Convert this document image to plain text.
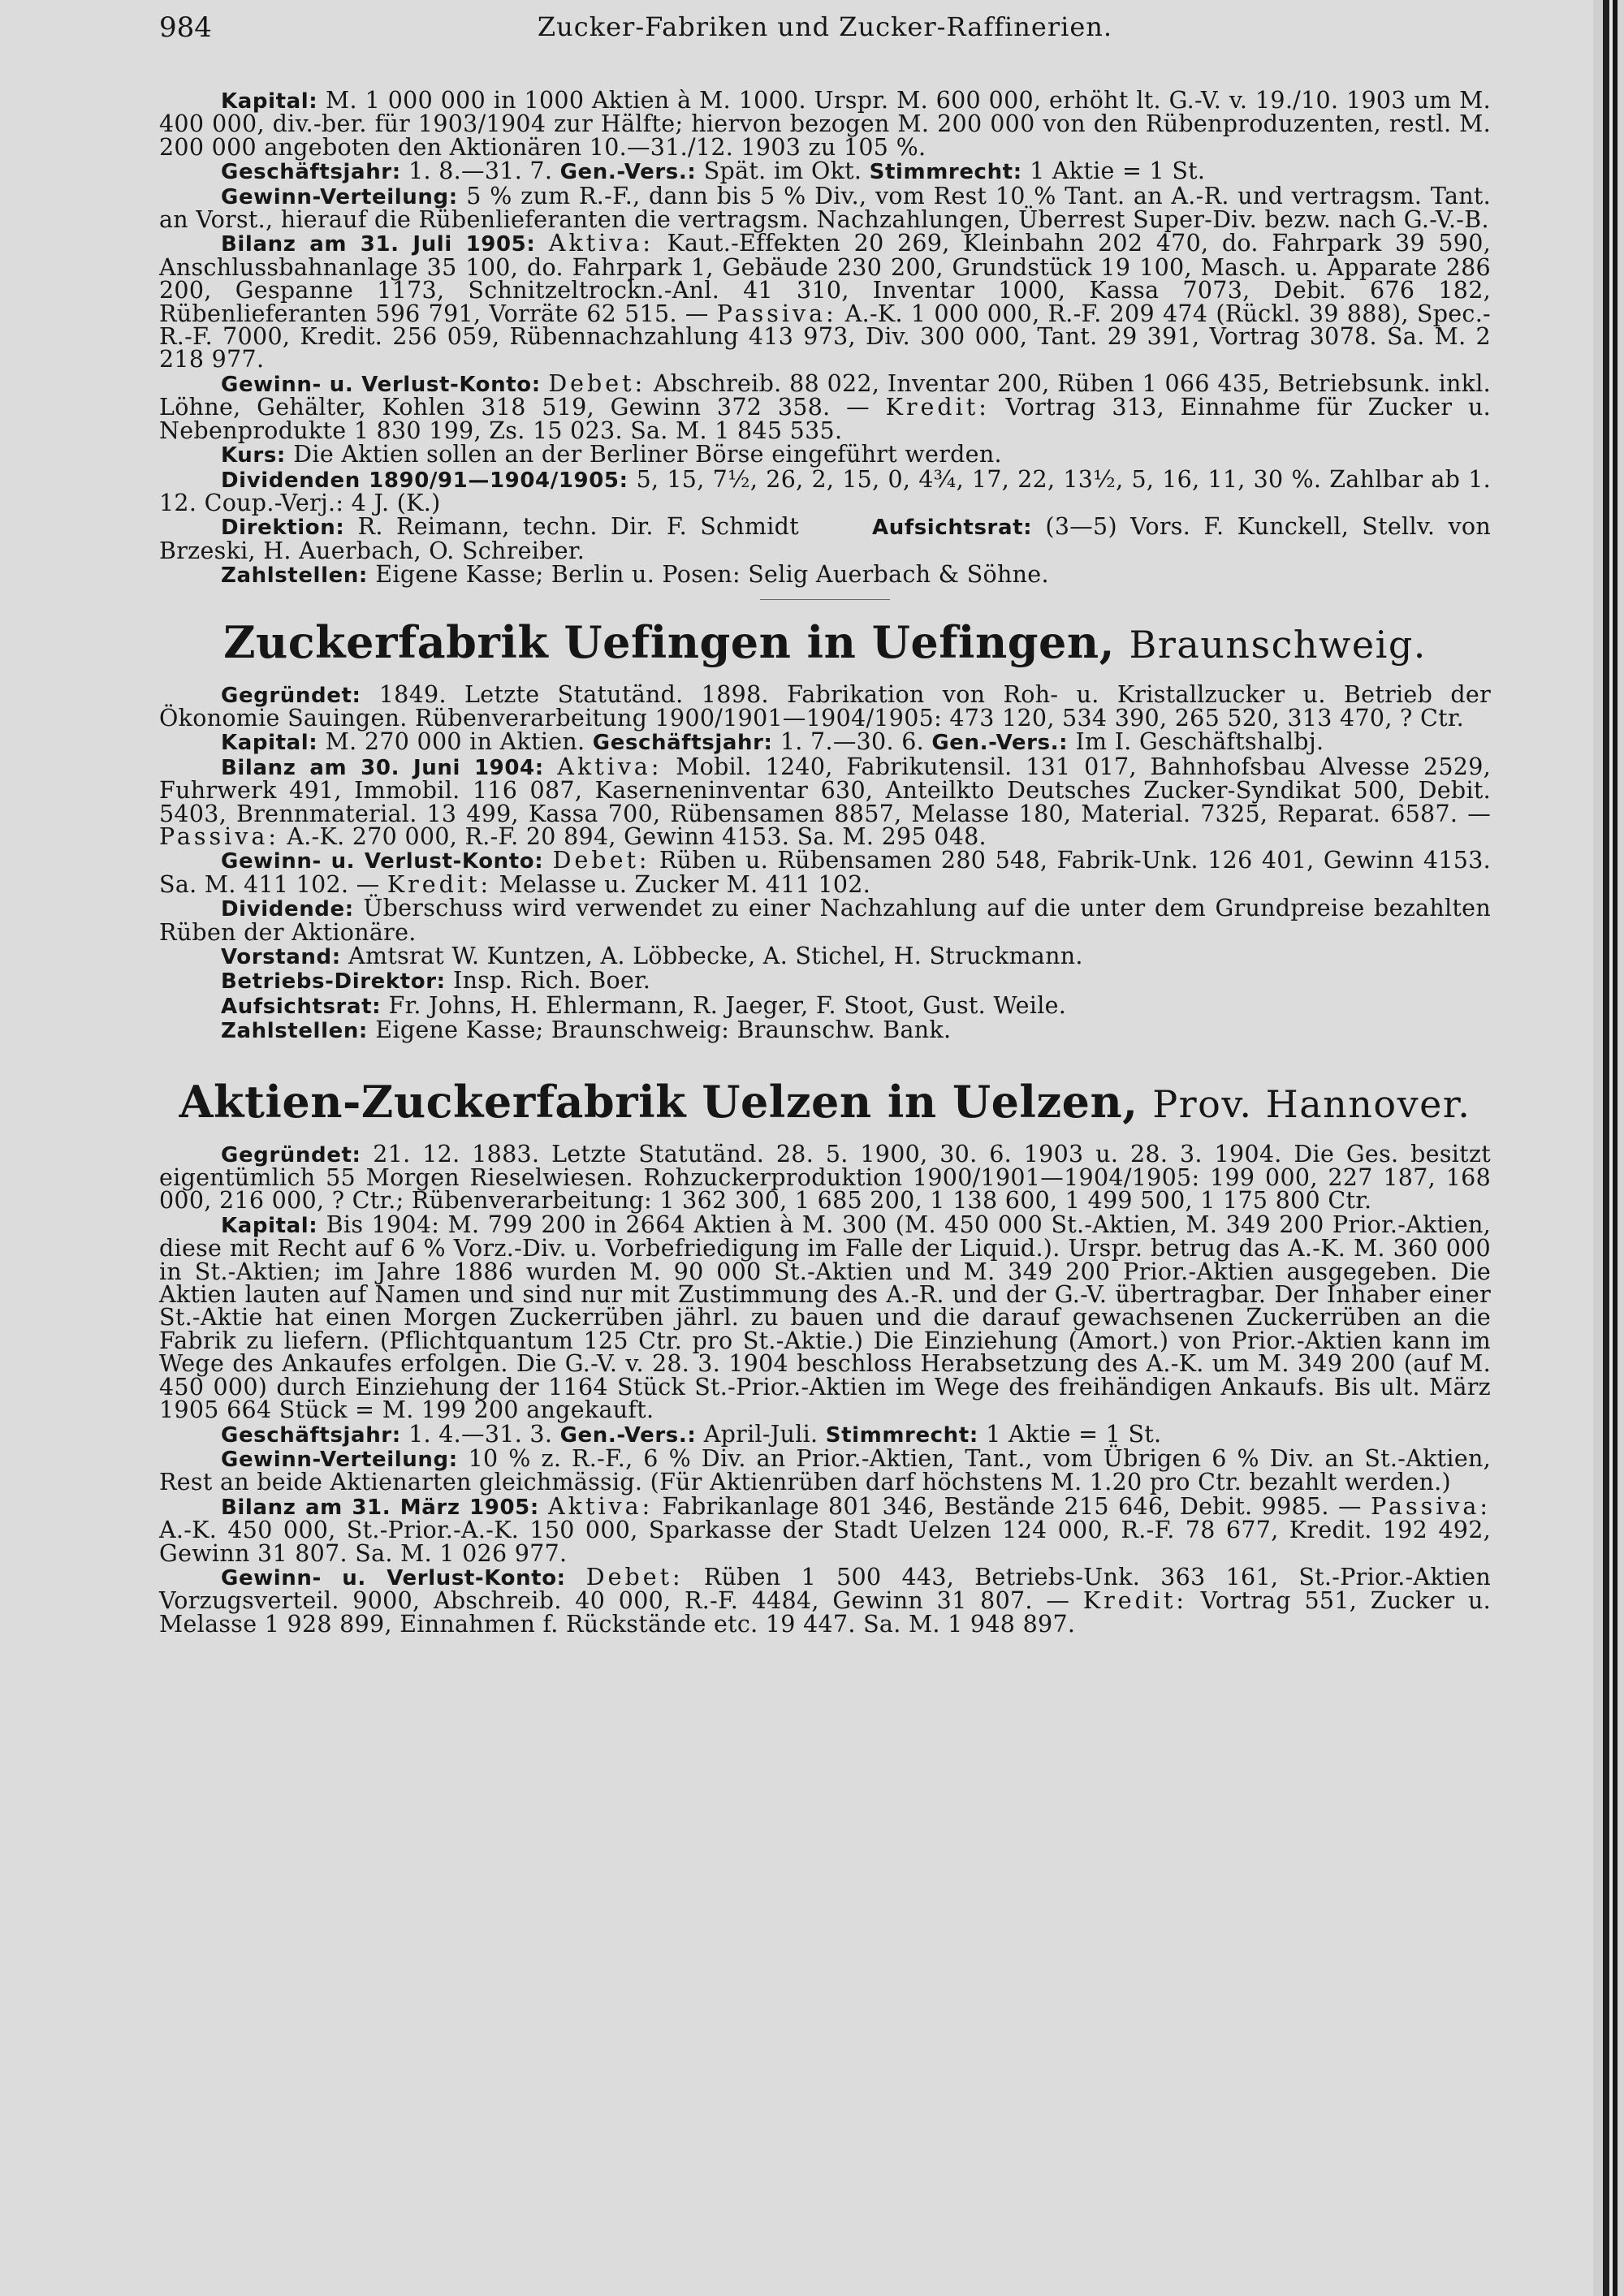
984	Zucker-Fabriken und Zucker-Raffinerien.

Kapital: M. 1 000 000 in 1000 Aktien à M. 1000. Urspr. M. 600 000, erhöht lt. G.-V. v. 19./10. 1903 um M. 400 000, div.-ber. für 1903/1904 zur Hälfte; hiervon bezogen M. 200 000 von den Rübenproduzenten, restl. M. 200 000 angeboten den Aktionären 10.—31./12. 1903 zu 105 %.

Geschäftsjahr: 1. 8.—31. 7. Gen.-Vers.: Spät. im Okt. Stimmrecht: 1 Aktie = 1 St.

Gewinn-Verteilung: 5 % zum R.-F., dann bis 5 % Div., vom Rest 10 % Tant. an A.-R. und vertragsm. Tant. an Vorst., hierauf die Rübenlieferanten die vertragsm. Nachzahlungen, Überrest Super-Div. bezw. nach G.-V.-B.

Bilanz am 31. Juli 1905: Aktiva: Kaut.-Effekten 20 269, Kleinbahn 202 470, do. Fahrpark 39 590, Anschlussbahnanlage 35 100, do. Fahrpark 1, Gebäude 230 200, Grundstück 19 100, Masch. u. Apparate 286 200, Gespanne 1173, Schnitzeltrockn.-Anl. 41 310, Inventar 1000, Kassa 7073, Debit. 676 182, Rübenlieferanten 596 791, Vorräte 62 515. — Passiva: A.-K. 1 000 000, R.-F. 209 474 (Rückl. 39 888), Spec.-R.-F. 7000, Kredit. 256 059, Rübennachzahlung 413 973, Div. 300 000, Tant. 29 391, Vortrag 3078. Sa. M. 2 218 977.

Gewinn- u. Verlust-Konto: Debet: Abschreib. 88 022, Inventar 200, Rüben 1 066 435, Betriebsunk. inkl. Löhne, Gehälter, Kohlen 318 519, Gewinn 372 358. — Kredit: Vortrag 313, Einnahme für Zucker u. Nebenprodukte 1 830 199, Zs. 15 023. Sa. M. 1 845 535.

Kurs: Die Aktien sollen an der Berliner Börse eingeführt werden.

Dividenden 1890/91—1904/1905: 5, 15, 7½, 26, 2, 15, 0, 4¾, 17, 22, 13½, 5, 16, 11, 30 %. Zahlbar ab 1. 12. Coup.-Verj.: 4 J. (K.)

Direktion: R. Reimann, techn. Dir. F. Schmidt	Aufsichtsrat: (3—5) Vors. F. Kunckell, Stellv. von Brzeski, H. Auerbach, O. Schreiber.

Zahlstellen: Eigene Kasse; Berlin u. Posen: Selig Auerbach & Söhne.

Zuckerfabrik Uefingen in Uefingen, Braunschweig.

Gegründet: 1849. Letzte Statutänd. 1898. Fabrikation von Roh- u. Kristallzucker u. Betrieb der Ökonomie Sauingen. Rübenverarbeitung 1900/1901—1904/1905: 473 120, 534 390, 265 520, 313 470, ? Ctr.

Kapital: M. 270 000 in Aktien. Geschäftsjahr: 1. 7.—30. 6. Gen.-Vers.: Im I. Geschäftshalbj.

Bilanz am 30. Juni 1904: Aktiva: Mobil. 1240, Fabrikutensil. 131 017, Bahnhofsbau Alvesse 2529, Fuhrwerk 491, Immobil. 116 087, Kaserneninventar 630, Anteilkto Deutsches Zucker-Syndikat 500, Debit. 5403, Brennmaterial. 13 499, Kassa 700, Rübensamen 8857, Melasse 180, Material. 7325, Reparat. 6587. — Passiva: A.-K. 270 000, R.-F. 20 894, Gewinn 4153. Sa. M. 295 048.

Gewinn- u. Verlust-Konto: Debet: Rüben u. Rübensamen 280 548, Fabrik-Unk. 126 401, Gewinn 4153. Sa. M. 411 102. — Kredit: Melasse u. Zucker M. 411 102.

Dividende: Überschuss wird verwendet zu einer Nachzahlung auf die unter dem Grundpreise bezahlten Rüben der Aktionäre.

Vorstand: Amtsrat W. Kuntzen, A. Löbbecke, A. Stichel, H. Struckmann.

Betriebs-Direktor: Insp. Rich. Boer.

Aufsichtsrat: Fr. Johns, H. Ehlermann, R. Jaeger, F. Stoot, Gust. Weile.

Zahlstellen: Eigene Kasse; Braunschweig: Braunschw. Bank.

Aktien-Zuckerfabrik Uelzen in Uelzen, Prov. Hannover.

Gegründet: 21. 12. 1883. Letzte Statutänd. 28. 5. 1900, 30. 6. 1903 u. 28. 3. 1904. Die Ges. besitzt eigentümlich 55 Morgen Rieselwiesen. Rohzuckerproduktion 1900/1901—1904/1905: 199 000, 227 187, 168 000, 216 000, ? Ctr.; Rübenverarbeitung: 1 362 300, 1 685 200, 1 138 600, 1 499 500, 1 175 800 Ctr.

Kapital: Bis 1904: M. 799 200 in 2664 Aktien à M. 300 (M. 450 000 St.-Aktien, M. 349 200 Prior.-Aktien, diese mit Recht auf 6 % Vorz.-Div. u. Vorbefriedigung im Falle der Liquid.). Urspr. betrug das A.-K. M. 360 000 in St.-Aktien; im Jahre 1886 wurden M. 90 000 St.-Aktien und M. 349 200 Prior.-Aktien ausgegeben. Die Aktien lauten auf Namen und sind nur mit Zustimmung des A.-R. und der G.-V. übertragbar. Der Inhaber einer St.-Aktie hat einen Morgen Zuckerrüben jährl. zu bauen und die darauf gewachsenen Zuckerrüben an die Fabrik zu liefern. (Pflichtquantum 125 Ctr. pro St.-Aktie.) Die Einziehung (Amort.) von Prior.-Aktien kann im Wege des Ankaufes erfolgen. Die G.-V. v. 28. 3. 1904 beschloss Herabsetzung des A.-K. um M. 349 200 (auf M. 450 000) durch Einziehung der 1164 Stück St.-Prior.-Aktien im Wege des freihändigen Ankaufs. Bis ult. März 1905 664 Stück = M. 199 200 angekauft.

Geschäftsjahr: 1. 4.—31. 3. Gen.-Vers.: April-Juli. Stimmrecht: 1 Aktie = 1 St.

Gewinn-Verteilung: 10 % z. R.-F., 6 % Div. an Prior.-Aktien, Tant., vom Übrigen 6 % Div. an St.-Aktien, Rest an beide Aktienarten gleichmässig. (Für Aktienrüben darf höchstens M. 1.20 pro Ctr. bezahlt werden.)

Bilanz am 31. März 1905: Aktiva: Fabrikanlage 801 346, Bestände 215 646, Debit. 9985. — Passiva: A.-K. 450 000, St.-Prior.-A.-K. 150 000, Sparkasse der Stadt Uelzen 124 000, R.-F. 78 677, Kredit. 192 492, Gewinn 31 807. Sa. M. 1 026 977.

Gewinn- u. Verlust-Konto: Debet: Rüben 1 500 443, Betriebs-Unk. 363 161, St.-Prior.-Aktien Vorzugsverteil. 9000, Abschreib. 40 000, R.-F. 4484, Gewinn 31 807. — Kredit: Vortrag 551, Zucker u. Melasse 1 928 899, Einnahmen f. Rückstände etc. 19 447. Sa. M. 1 948 897.
